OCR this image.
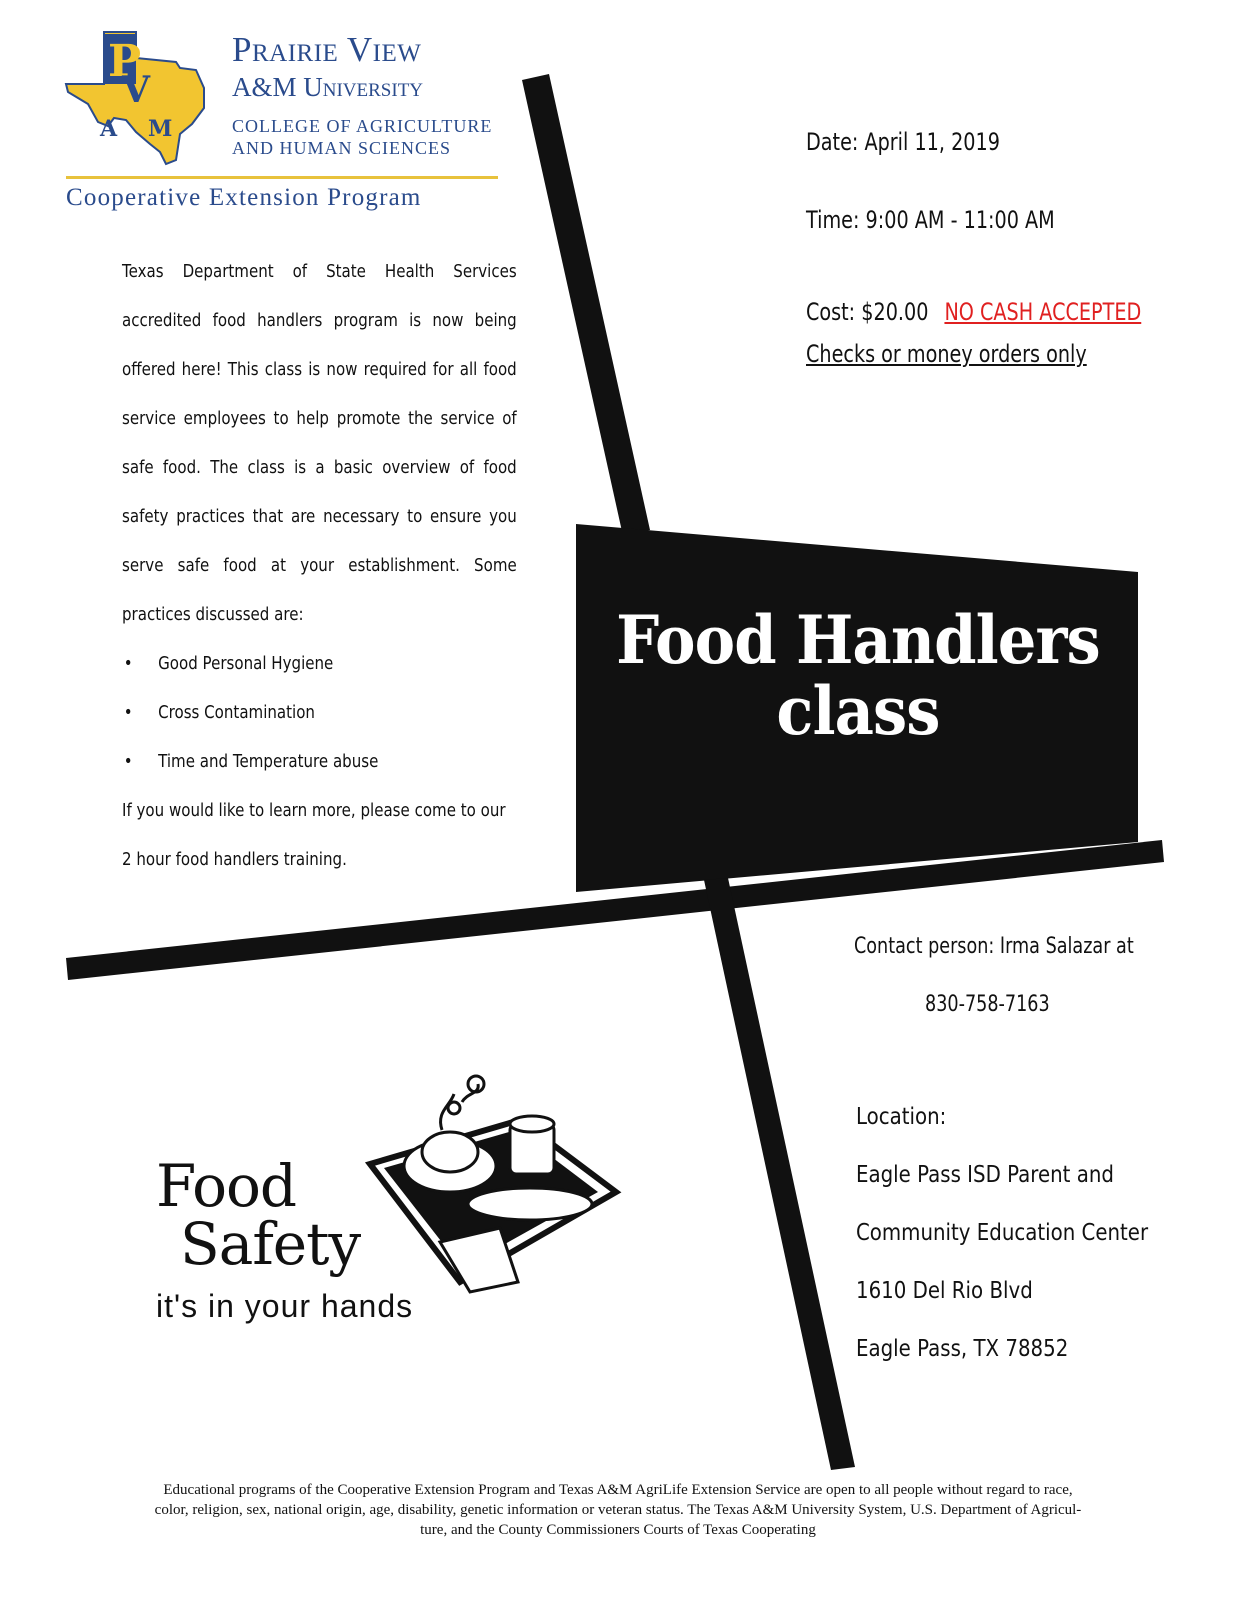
P
V
A M
Prairie View
A&M University
COLLEGE OF AGRICULTURE
AND HUMAN SCIENCES
Cooperative Extension Program
Texas Department of State Health Services accredited food handlers program is now being offered here! This class is now required for all food service employees to help promote the service of safe food. The class is a basic overview of food safety practices that are necessary to ensure you serve safe food at your establishment. Some practices discussed are:
• Good Personal Hygiene
• Cross Contamination
• Time and Temperature abuse
If you would like to learn more, please come to our 2 hour food handlers training.
Date: April 11, 2019
Time: 9:00 AM - 11:00 AM
Cost: $20.00 NO CASH ACCEPTED
Checks or money orders only
Food Handlers
class
Contact person: Irma Salazar at
830-758-7163
Location:
Eagle Pass ISD Parent and
Community Education Center
1610 Del Rio Blvd
Eagle Pass, TX 78852
Food
Safety
it's in your hands
Educational programs of the Cooperative Extension Program and Texas A&M AgriLife Extension Service are open to all people without regard to race,
color, religion, sex, national origin, age, disability, genetic information or veteran status. The Texas A&M University System, U.S. Department of Agricul-
ture, and the County Commissioners Courts of Texas Cooperating
